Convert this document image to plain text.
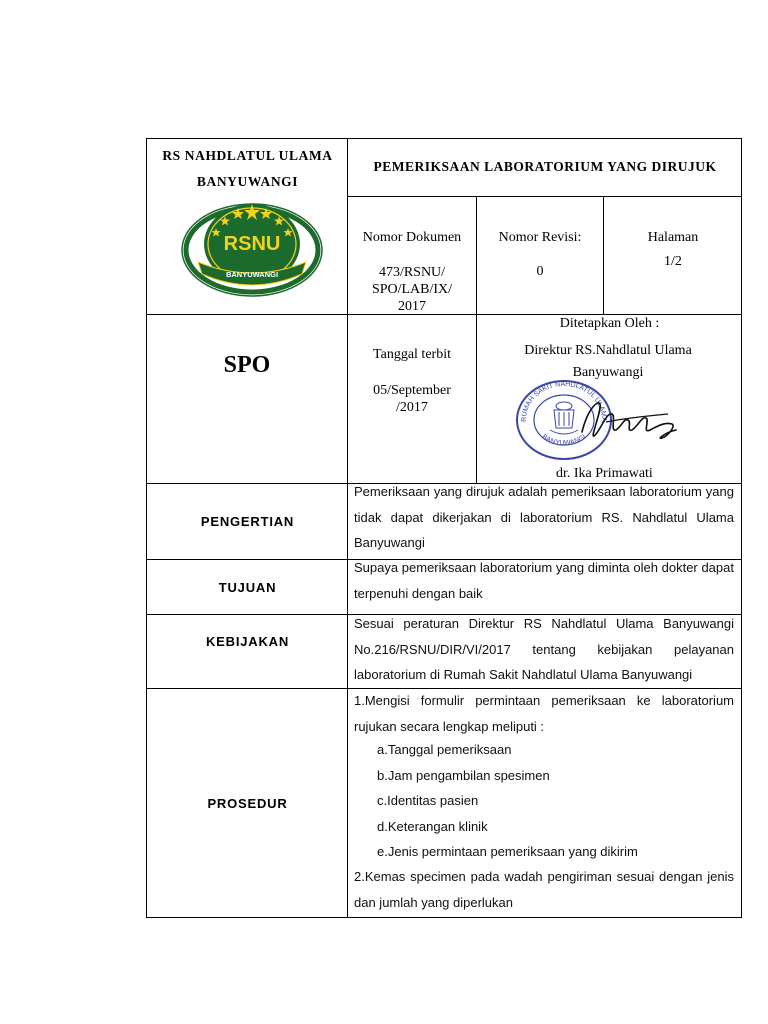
RS NAHDLATUL ULAMA BANYUWANGI
RSNU
BANYUWANGI
PEMERIKSAAN LABORATORIUM YANG DIRUJUK
Nomor Dokumen
473/RSNU/ SPO/LAB/IX/ 2017
Nomor Revisi:
0
Halaman
1/2
SPO	Tanggal terbit
05/September /2017
Ditetapkan Oleh :
Direktur RS.Nahdlatul Ulama Banyuwangi
RUMAH SAKIT NAHDLATUL ULAMA
BANYUWANGI
dr. Ika Primawati
PENGERTIAN
Pemeriksaan yang dirujuk adalah pemeriksaan laboratorium yang tidak dapat dikerjakan di laboratorium RS. Nahdlatul Ulama Banyuwangi
TUJUAN
Supaya pemeriksaan laboratorium yang diminta oleh dokter dapat terpenuhi dengan baik
KEBIJAKAN
Sesuai peraturan Direktur RS Nahdlatul Ulama Banyuwangi No.216/RSNU/DIR/VI/2017 tentang kebijakan pelayanan laboratorium di Rumah Sakit Nahdlatul Ulama Banyuwangi
PROSEDUR
1.Mengisi formulir permintaan pemeriksaan ke laboratorium rujukan secara lengkap meliputi :
a.Tanggal pemeriksaan
b.Jam pengambilan spesimen
c.Identitas pasien
d.Keterangan klinik
e.Jenis permintaan pemeriksaan yang dikirim
2.Kemas specimen pada wadah pengiriman sesuai dengan jenis dan jumlah yang diperlukan
